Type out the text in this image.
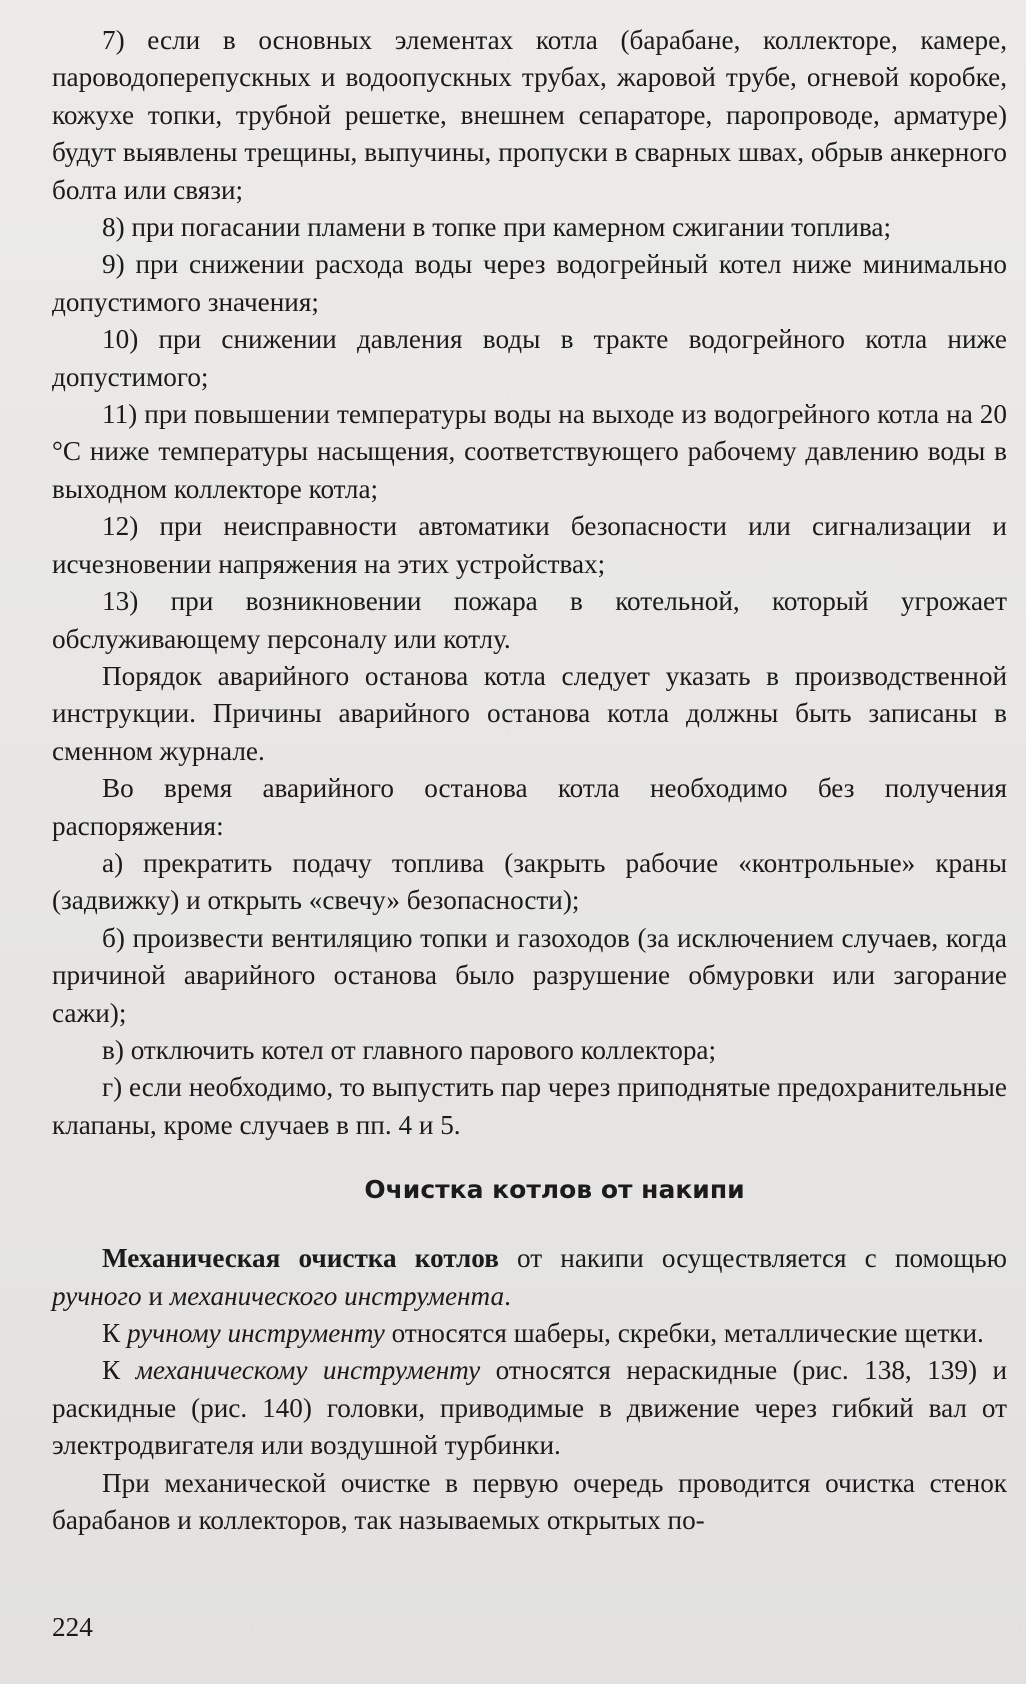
7) если в основных элементах котла (барабане, коллекторе, камере, пароводоперепускных и водоопускных трубах, жаровой трубе, огневой коробке, кожухе топки, трубной решетке, внешнем сепараторе, паропроводе, арматуре) будут выявлены трещины, выпучины, пропуски в сварных швах, обрыв анкерного болта или связи;

8) при погасании пламени в топке при камерном сжигании топлива;

9) при снижении расхода воды через водогрейный котел ниже минимально допустимого значения;

10) при снижении давления воды в тракте водогрейного котла ниже допустимого;

11) при повышении температуры воды на выходе из водогрейного котла на 20 °С ниже температуры насыщения, соответствующего рабочему давлению воды в выходном коллекторе котла;

12) при неисправности автоматики безопасности или сигнализации и исчезновении напряжения на этих устройствах;

13) при возникновении пожара в котельной, который угрожает обслуживающему персоналу или котлу.

Порядок аварийного останова котла следует указать в производственной инструкции. Причины аварийного останова котла должны быть записаны в сменном журнале.

Во время аварийного останова котла необходимо без получения распоряжения:

а) прекратить подачу топлива (закрыть рабочие «контрольные» краны (задвижку) и открыть «свечу» безопасности);

б) произвести вентиляцию топки и газоходов (за исключением случаев, когда причиной аварийного останова было разрушение обмуровки или загорание сажи);

в) отключить котел от главного парового коллектора;

г) если необходимо, то выпустить пар через приподнятые предохранительные клапаны, кроме случаев в пп. 4 и 5.

Очистка котлов от накипи

Механическая очистка котлов от накипи осуществляется с помощью ручного и механического инструмента.

К ручному инструменту относятся шаберы, скребки, металлические щетки.

К механическому инструменту относятся нераскидные (рис. 138, 139) и раскидные (рис. 140) головки, приводимые в движение через гибкий вал от электродвигателя или воздушной турбинки.

При механической очистке в первую очередь проводится очистка стенок барабанов и коллекторов, так называемых открытых по-

224
